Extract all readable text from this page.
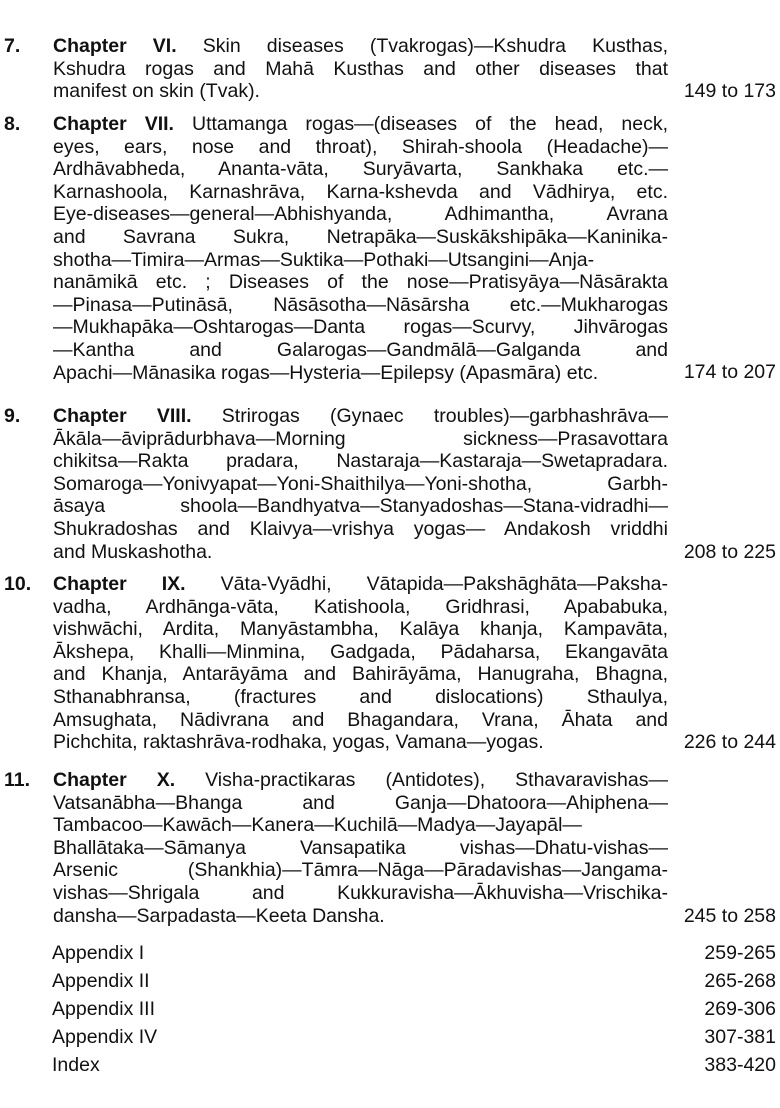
7. Chapter VI. Skin diseases (Tvakrogas)—Kshudra Kusthas,
Kshudra rogas and Mahā Kusthas and other diseases that
manifest on skin (Tvak).	149 to 173
8. Chapter VII. Uttamanga rogas—(diseases of the head, neck,
eyes, ears, nose and throat), Shirah-shoola (Headache)—
Ardhāvabheda, Ananta-vāta, Suryāvarta, Sankhaka etc.—
Karnashoola, Karnashrāva, Karna-kshevda and Vādhirya, etc.
Eye-diseases—general—Abhishyanda, Adhimantha, Avrana
and Savrana Sukra, Netrapāka—Suskākshipāka—Kaninika-
shotha—Timira—Armas—Suktika—Pothaki—Utsangini—Anja-
nanāmikā etc. ; Diseases of the nose—Pratisyāya—Nāsārakta
—Pinasa—Putināsā, Nāsāsotha—Nāsārsha etc.—Mukharogas
—Mukhapāka—Oshtarogas—Danta rogas—Scurvy, Jihvārogas
—Kantha and Galarogas—Gandmālā—Galganda and
Apachi—Mānasika rogas—Hysteria—Epilepsy (Apasmāra) etc.	174 to 207
9. Chapter VIII. Strirogas (Gynaec troubles)—garbhashrāva—
Ākāla—āviprādurbhava—Morning sickness—Prasavottara
chikitsa—Rakta pradara, Nastaraja—Kastaraja—Swetapradara.
Somaroga—Yonivyapat—Yoni-Shaithilya—Yoni-shotha, Garbh-
āsaya shoola—Bandhyatva—Stanyadoshas—Stana-vidradhi—
Shukradoshas and Klaivya—vrishya yogas— Andakosh vriddhi
and Muskashotha.	208 to 225
10. Chapter IX. Vāta-Vyādhi, Vātapida—Pakshāghāta—Paksha-
vadha, Ardhānga-vāta, Katishoola, Gridhrasi, Apababuka,
vishwāchi, Ardita, Manyāstambha, Kalāya khanja, Kampavāta,
Ākshepa, Khalli—Minmina, Gadgada, Pādaharsa, Ekangavāta
and Khanja, Antarāyāma and Bahirāyāma, Hanugraha, Bhagna,
Sthanabhransa, (fractures and dislocations) Sthaulya,
Amsughata, Nādivrana and Bhagandara, Vrana, Āhata and
Pichchita, raktashrāva-rodhaka, yogas, Vamana—yogas.	226 to 244
11. Chapter X. Visha-practikaras (Antidotes), Sthavaravishas—
Vatsanābha—Bhanga and Ganja—Dhatoora—Ahiphena—
Tambacoo—Kawāch—Kanera—Kuchilā—Madya—Jayapāl—
Bhallātaka—Sāmanya Vansapatika vishas—Dhatu-vishas—
Arsenic (Shankhia)—Tāmra—Nāga—Pāradavishas—Jangama-
vishas—Shrigala and Kukkuravisha—Ākhuvisha—Vrischika-
dansha—Sarpadasta—Keeta Dansha.	245 to 258
Appendix I	259-265
Appendix II	265-268
Appendix III	269-306
Appendix IV	307-381
Index	383-420
